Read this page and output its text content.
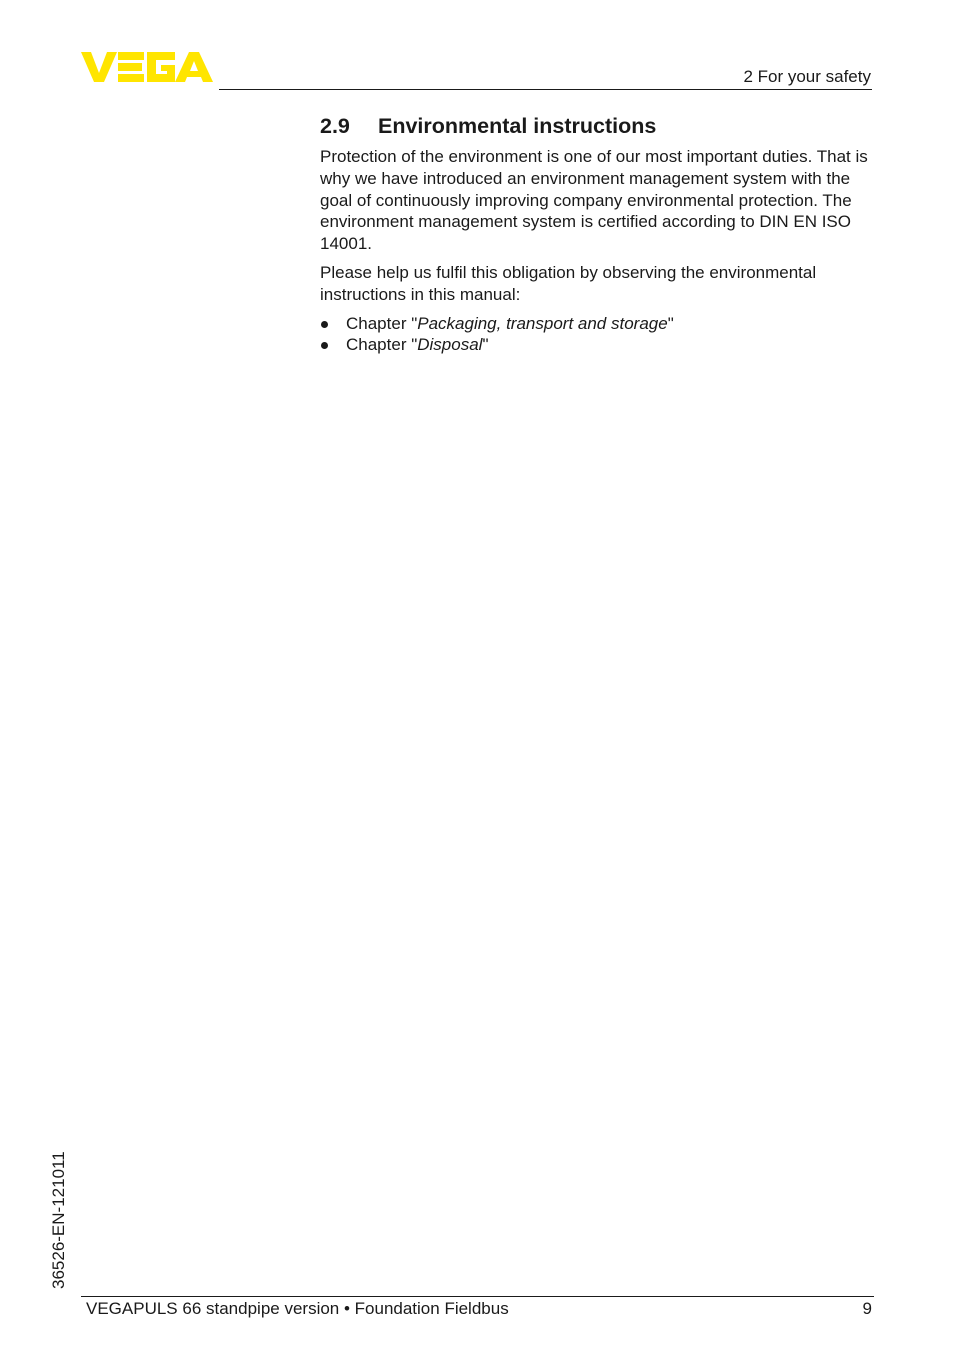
2 For your safety
2.9 Environmental instructions

Protection of the environment is one of our most important duties. That is why we have introduced an environment management system with the goal of continuously improving company environmental protection. The environment management system is certified according to DIN EN ISO 14001.

Please help us fulfil this obligation by observing the environmental instructions in this manual:

Chapter "Packaging, transport and storage"
Chapter "Disposal"
36526-EN-121011
VEGAPULS 66 standpipe version • Foundation Fieldbus	9
